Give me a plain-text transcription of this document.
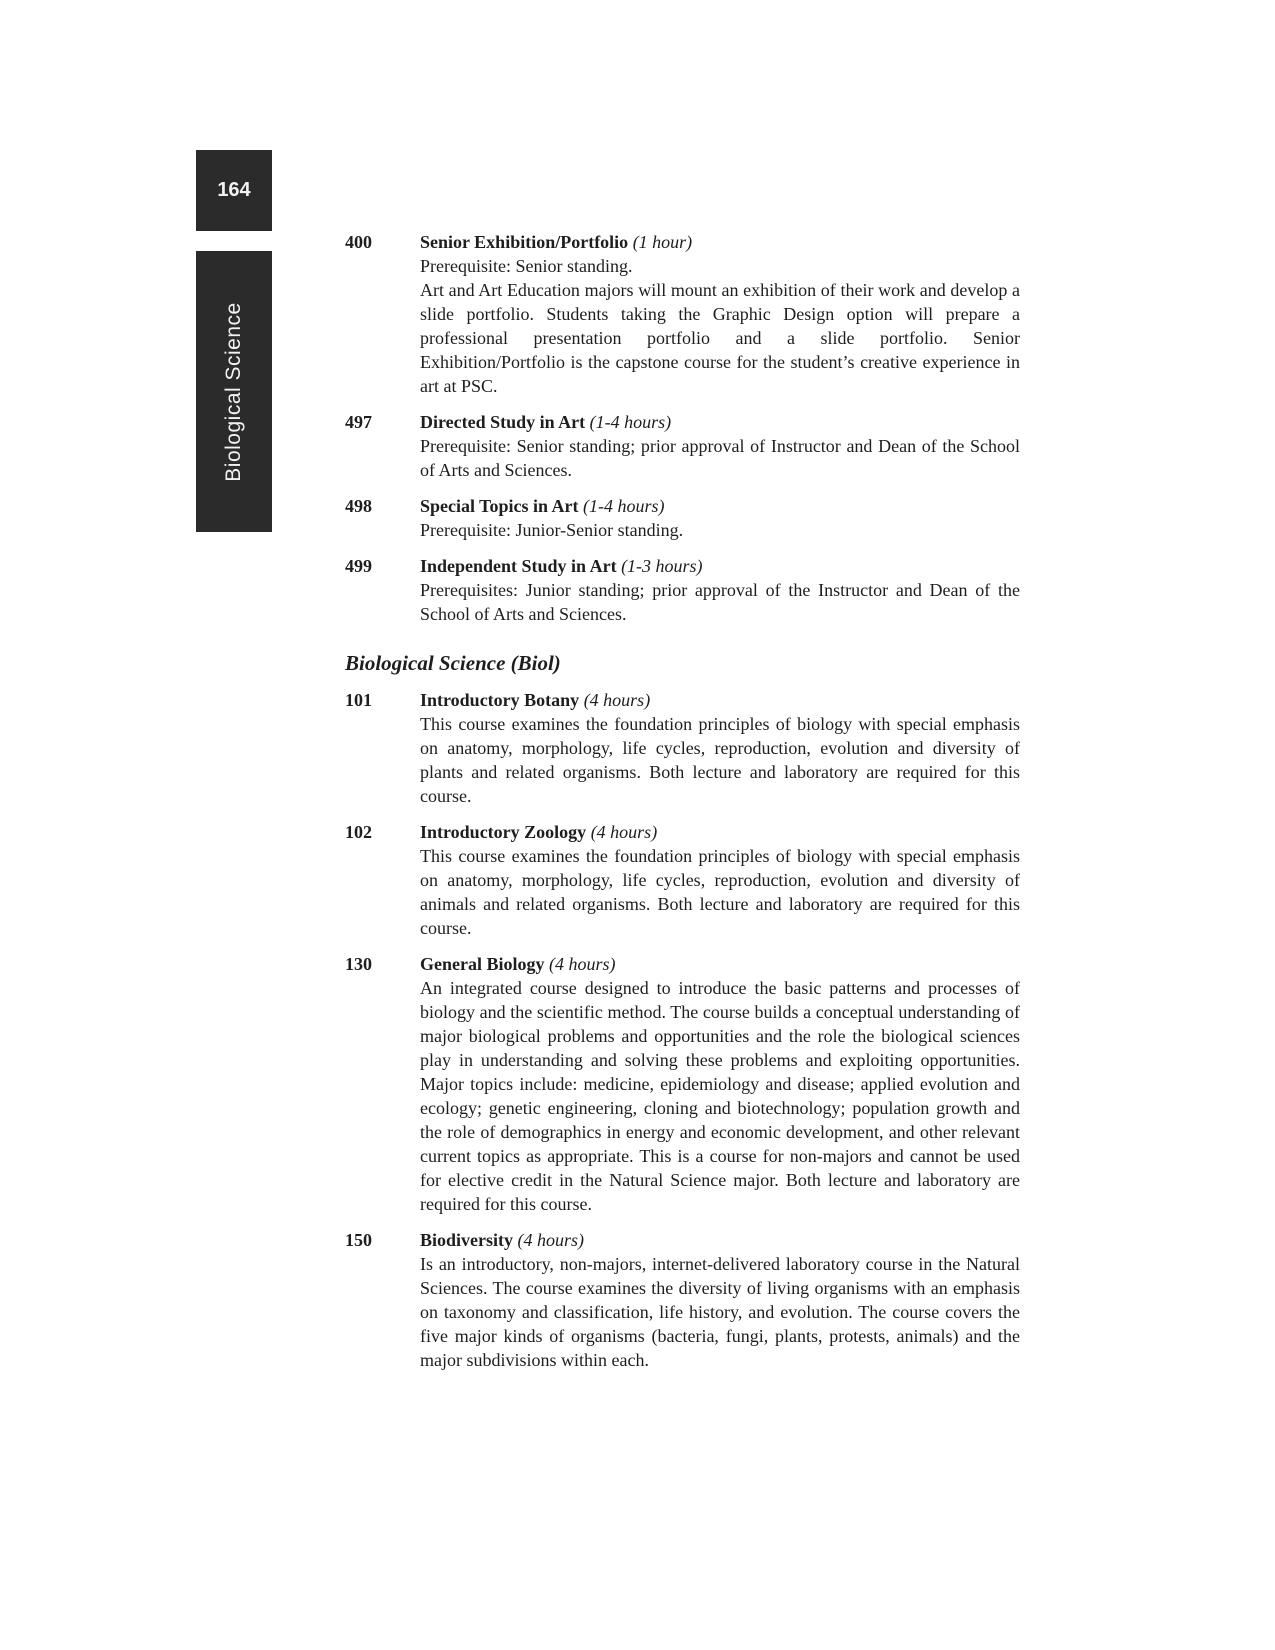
164
Biological Science
400	Senior Exhibition/Portfolio (1 hour)
Prerequisite: Senior standing.
Art and Art Education majors will mount an exhibition of their work and develop a slide portfolio. Students taking the Graphic Design option will prepare a professional presentation portfolio and a slide portfolio. Senior Exhibition/Portfolio is the capstone course for the student’s creative experience in art at PSC.
497	Directed Study in Art (1-4 hours)
Prerequisite: Senior standing; prior approval of Instructor and Dean of the School of Arts and Sciences.
498	Special Topics in Art (1-4 hours)
Prerequisite: Junior-Senior standing.
499	Independent Study in Art (1-3 hours)
Prerequisites: Junior standing; prior approval of the Instructor and Dean of the School of Arts and Sciences.
Biological Science (Biol)
101	Introductory Botany (4 hours)
This course examines the foundation principles of biology with special emphasis on anatomy, morphology, life cycles, reproduction, evolution and diversity of plants and related organisms. Both lecture and laboratory are required for this course.
102	Introductory Zoology (4 hours)
This course examines the foundation principles of biology with special emphasis on anatomy, morphology, life cycles, reproduction, evolution and diversity of animals and related organisms. Both lecture and laboratory are required for this course.
130	General Biology (4 hours)
An integrated course designed to introduce the basic patterns and processes of biology and the scientific method. The course builds a conceptual understanding of major biological problems and opportunities and the role the biological sciences play in understanding and solving these problems and exploiting opportunities. Major topics include: medicine, epidemiology and disease; applied evolution and ecology; genetic engineering, cloning and biotechnology; population growth and the role of demographics in energy and economic development, and other relevant current topics as appropriate. This is a course for non-majors and cannot be used for elective credit in the Natural Science major. Both lecture and laboratory are required for this course.
150	Biodiversity (4 hours)
Is an introductory, non-majors, internet-delivered laboratory course in the Natural Sciences. The course examines the diversity of living organisms with an emphasis on taxonomy and classification, life history, and evolution. The course covers the five major kinds of organisms (bacteria, fungi, plants, protests, animals) and the major subdivisions within each.
